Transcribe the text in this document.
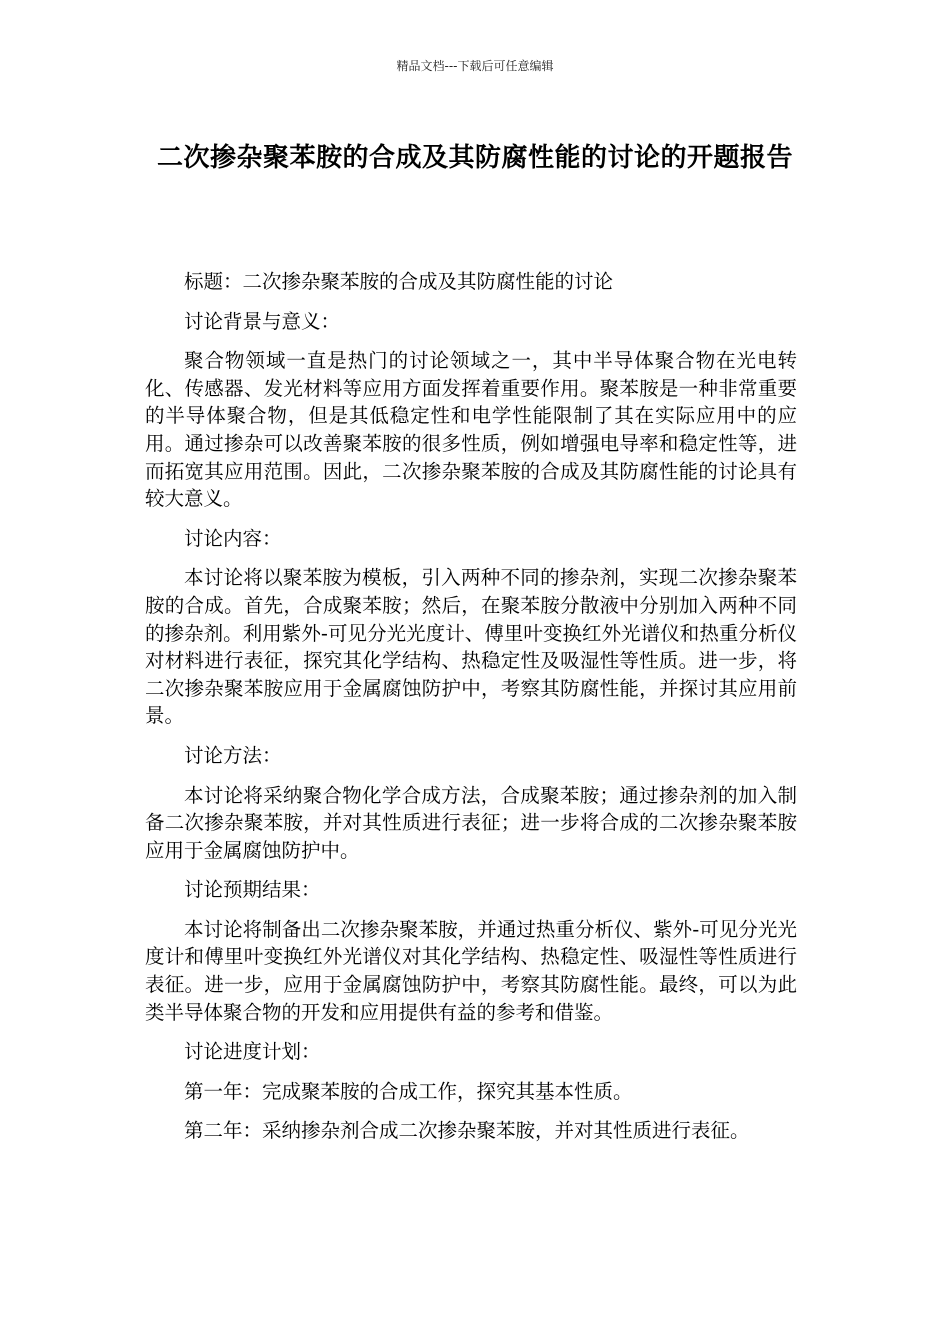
精品文档---下载后可任意编辑
二次掺杂聚苯胺的合成及其防腐性能的讨论的开题报告

标题：二次掺杂聚苯胺的合成及其防腐性能的讨论

讨论背景与意义：

聚合物领域一直是热门的讨论领域之一，其中半导体聚合物在光电转化、传感器、发光材料等应用方面发挥着重要作用。聚苯胺是一种非常重要的半导体聚合物，但是其低稳定性和电学性能限制了其在实际应用中的应用。通过掺杂可以改善聚苯胺的很多性质，例如增强电导率和稳定性等，进而拓宽其应用范围。因此，二次掺杂聚苯胺的合成及其防腐性能的讨论具有较大意义。

讨论内容：

本讨论将以聚苯胺为模板，引入两种不同的掺杂剂，实现二次掺杂聚苯胺的合成。首先，合成聚苯胺；然后，在聚苯胺分散液中分别加入两种不同的掺杂剂。利用紫外-可见分光光度计、傅里叶变换红外光谱仪和热重分析仪对材料进行表征，探究其化学结构、热稳定性及吸湿性等性质。进一步，将二次掺杂聚苯胺应用于金属腐蚀防护中，考察其防腐性能，并探讨其应用前景。

讨论方法：

本讨论将采纳聚合物化学合成方法，合成聚苯胺；通过掺杂剂的加入制备二次掺杂聚苯胺，并对其性质进行表征；进一步将合成的二次掺杂聚苯胺应用于金属腐蚀防护中。

讨论预期结果：

本讨论将制备出二次掺杂聚苯胺，并通过热重分析仪、紫外-可见分光光度计和傅里叶变换红外光谱仪对其化学结构、热稳定性、吸湿性等性质进行表征。进一步，应用于金属腐蚀防护中，考察其防腐性能。最终，可以为此类半导体聚合物的开发和应用提供有益的参考和借鉴。

讨论进度计划：

第一年：完成聚苯胺的合成工作，探究其基本性质。

第二年：采纳掺杂剂合成二次掺杂聚苯胺，并对其性质进行表征。
